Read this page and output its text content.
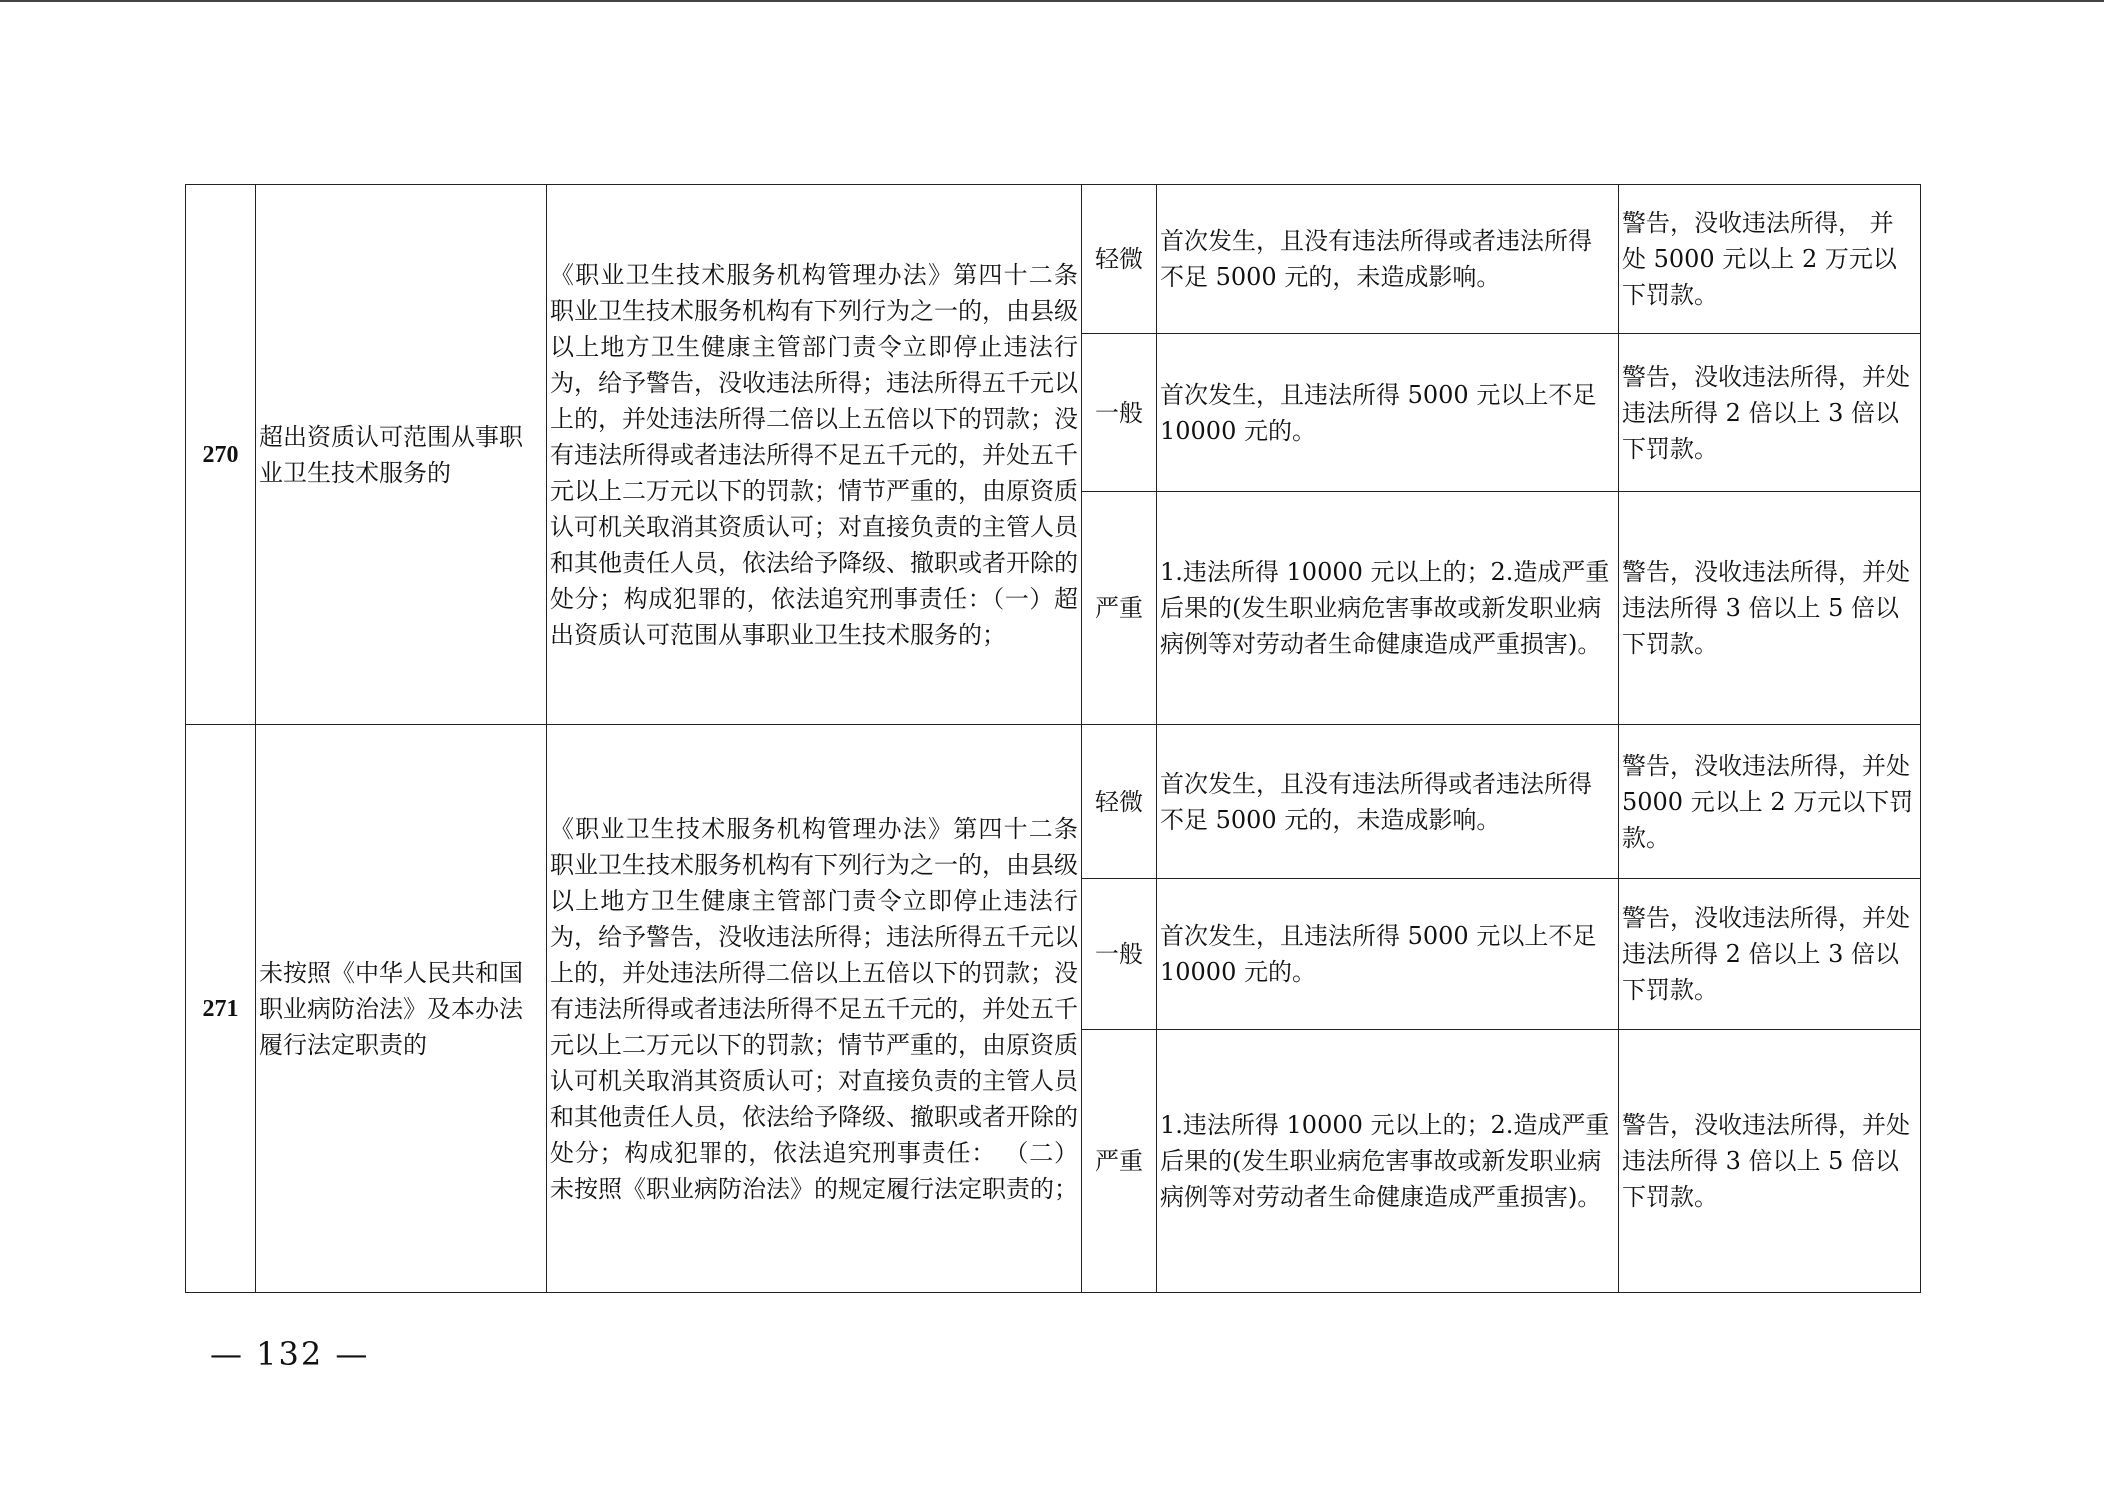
270	超出资质认可范围从事职业卫生技术服务的	《职业卫生技术服务机构管理办法》第四十二条 职业卫生技术服务机构有下列行为之一的，由县级以上地方卫生健康主管部门责令立即停止违法行为，给予警告，没收违法所得；违法所得五千元以上的，并处违法所得二倍以上五倍以下的罚款；没有违法所得或者违法所得不足五千元的，并处五千元以上二万元以下的罚款；情节严重的，由原资质认可机关取消其资质认可；对直接负责的主管人员和其他责任人员，依法给予降级、撤职或者开除的处分；构成犯罪的，依法追究刑事责任：（一）超出资质认可范围从事职业卫生技术服务的；	轻微	首次发生，且没有违法所得或者违法所得不足 5000 元的，未造成影响。	警告，没收违法所得， 并处 5000 元以上 2 万元以下罚款。
			一般	首次发生，且违法所得 5000 元以上不足 10000 元的。	警告，没收违法所得，并处违法所得 2 倍以上 3 倍以下罚款。
			严重	1.违法所得 10000 元以上的；2.造成严重后果的(发生职业病危害事故或新发职业病病例等对劳动者生命健康造成严重损害)。	警告，没收违法所得，并处违法所得 3 倍以上 5 倍以下罚款。
271	未按照《中华人民共和国职业病防治法》及本办法履行法定职责的	《职业卫生技术服务机构管理办法》第四十二条 职业卫生技术服务机构有下列行为之一的，由县级以上地方卫生健康主管部门责令立即停止违法行为，给予警告，没收违法所得；违法所得五千元以上的，并处违法所得二倍以上五倍以下的罚款；没有违法所得或者违法所得不足五千元的，并处五千元以上二万元以下的罚款；情节严重的，由原资质认可机关取消其资质认可；对直接负责的主管人员和其他责任人员，依法给予降级、撤职或者开除的处分；构成犯罪的，依法追究刑事责任： （二）未按照《职业病防治法》的规定履行法定职责的；	轻微	首次发生，且没有违法所得或者违法所得不足 5000 元的，未造成影响。	警告，没收违法所得，并处 5000 元以上 2 万元以下罚款。
			一般	首次发生，且违法所得 5000 元以上不足 10000 元的。	警告，没收违法所得，并处违法所得 2 倍以上 3 倍以下罚款。
			严重	1.违法所得 10000 元以上的；2.造成严重后果的(发生职业病危害事故或新发职业病病例等对劳动者生命健康造成严重损害)。	警告，没收违法所得，并处违法所得 3 倍以上 5 倍以下罚款。
— 132 —
